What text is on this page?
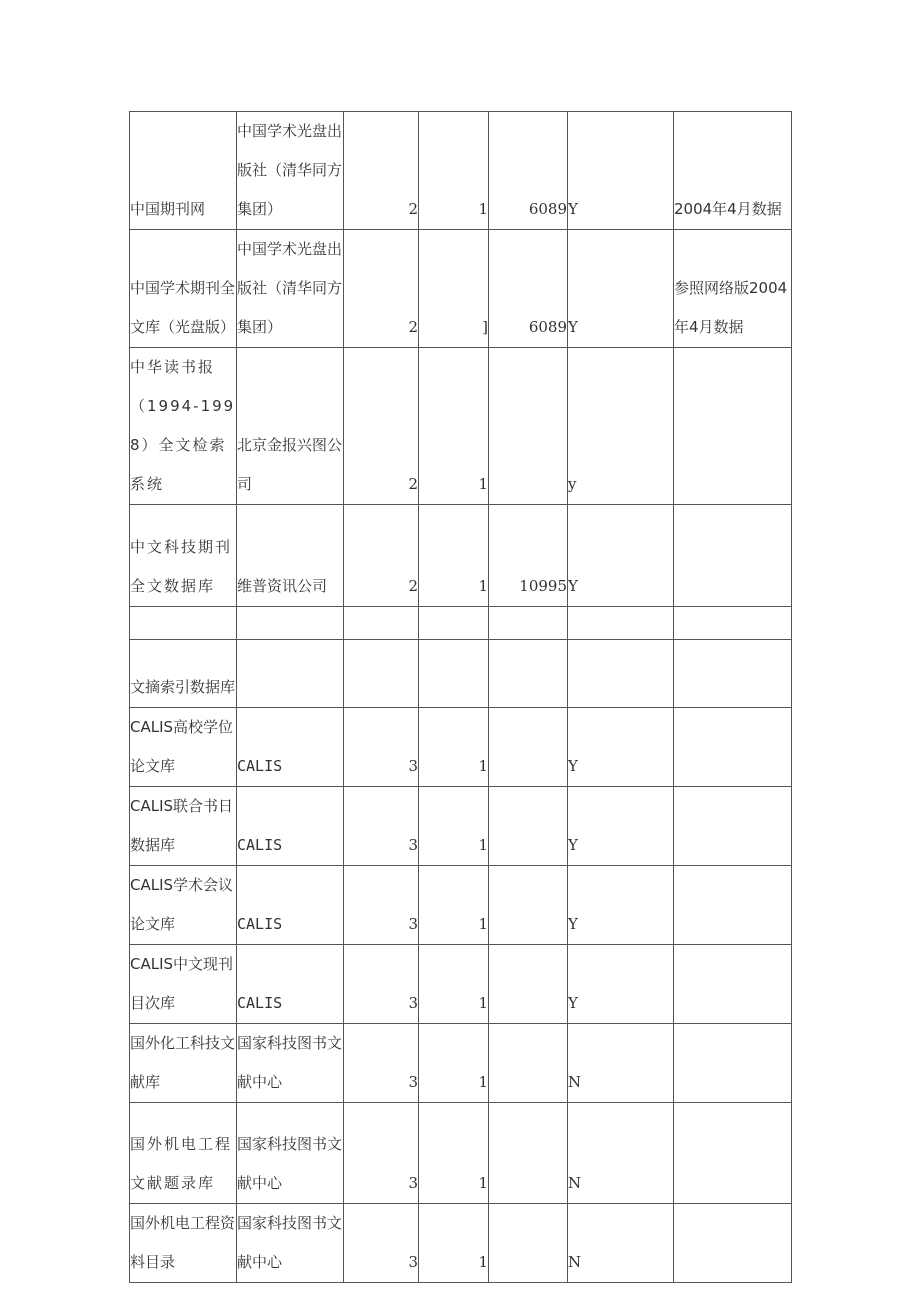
中国期刊网	中国学术光盘出版社（清华同方集团）	2	1	6089	Y	2004年4月数据

中国学术期刊全文库（光盘版）	中国学术光盘出版社（清华同方集团）	2	]	6089	Y	参照网络版2004年4月数据

中华读书报（1994-1998）全文检索系统	北京金报兴图公司	2	1		y	

中文科技期刊全文数据库	维普资讯公司	2	1	10995	Y	

文摘索引数据库						

CALIS高校学位论文库	CALIS	3	1		Y	

CALIS联合书日数据库	CALIS	3	1		Y	

CALIS学术会议论文库	CALIS	3	1		Y	

CALIS中文现刊目次库	CALIS	3	1		Y	

国外化工科技文献库	国家科技图书文献中心	3	1		N	

国外机电工程文献题录库	国家科技图书文献中心	3	1		N	

国外机电工程资料目录	国家科技图书文献中心	3	1		N	
